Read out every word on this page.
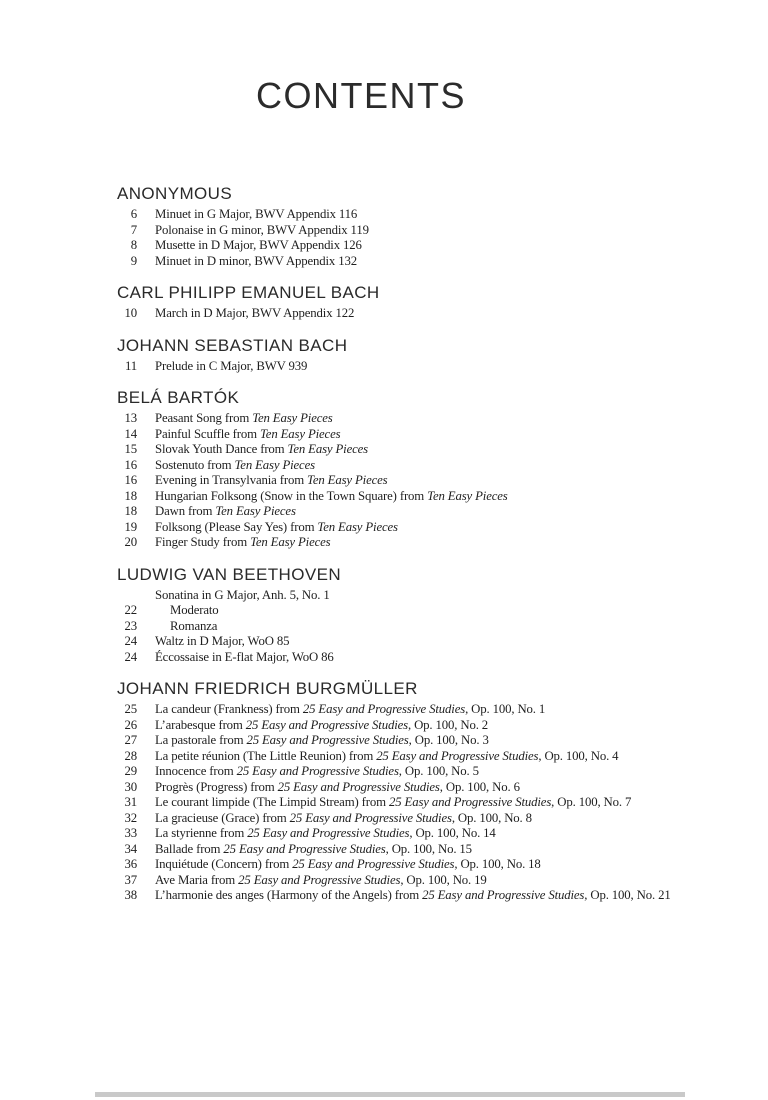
CONTENTS
ANONYMOUS
6 Minuet in G Major, BWV Appendix 116
7 Polonaise in G minor, BWV Appendix 119
8 Musette in D Major, BWV Appendix 126
9 Minuet in D minor, BWV Appendix 132
CARL PHILIPP EMANUEL BACH
10 March in D Major, BWV Appendix 122
JOHANN SEBASTIAN BACH
11 Prelude in C Major, BWV 939
BELÁ BARTÓK
13 Peasant Song from Ten Easy Pieces
14 Painful Scuffle from Ten Easy Pieces
15 Slovak Youth Dance from Ten Easy Pieces
16 Sostenuto from Ten Easy Pieces
16 Evening in Transylvania from Ten Easy Pieces
18 Hungarian Folksong (Snow in the Town Square) from Ten Easy Pieces
18 Dawn from Ten Easy Pieces
19 Folksong (Please Say Yes) from Ten Easy Pieces
20 Finger Study from Ten Easy Pieces
LUDWIG VAN BEETHOVEN
Sonatina in G Major, Anh. 5, No. 1
22	Moderato
23	Romanza
24 Waltz in D Major, WoO 85
24 Éccossaise in E-flat Major, WoO 86
JOHANN FRIEDRICH BURGMÜLLER
25 La candeur (Frankness) from 25 Easy and Progressive Studies, Op. 100, No. 1
26 L’arabesque from 25 Easy and Progressive Studies, Op. 100, No. 2
27 La pastorale from 25 Easy and Progressive Studies, Op. 100, No. 3
28 La petite réunion (The Little Reunion) from 25 Easy and Progressive Studies, Op. 100, No. 4
29 Innocence from 25 Easy and Progressive Studies, Op. 100, No. 5
30 Progrès (Progress) from 25 Easy and Progressive Studies, Op. 100, No. 6
31 Le courant limpide (The Limpid Stream) from 25 Easy and Progressive Studies, Op. 100, No. 7
32 La gracieuse (Grace) from 25 Easy and Progressive Studies, Op. 100, No. 8
33 La styrienne from 25 Easy and Progressive Studies, Op. 100, No. 14
34 Ballade from 25 Easy and Progressive Studies, Op. 100, No. 15
36 Inquiétude (Concern) from 25 Easy and Progressive Studies, Op. 100, No. 18
37 Ave Maria from 25 Easy and Progressive Studies, Op. 100, No. 19
38 L’harmonie des anges (Harmony of the Angels) from 25 Easy and Progressive Studies, Op. 100, No. 21
